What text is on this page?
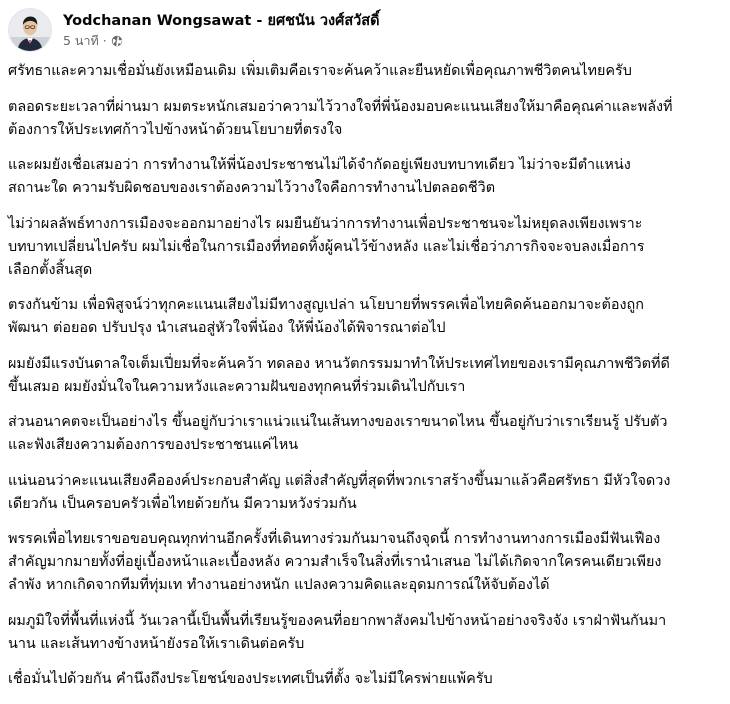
Yodchanan Wongsawat - ยศชนัน วงศ์สวัสดิ์
5 นาที ·

ศรัทธาและความเชื่อมั่นยังเหมือนเดิม เพิ่มเติมคือเราจะค้นคว้าและยืนหยัดเพื่อคุณภาพชีวิตคนไทยครับ

ตลอดระยะเวลาที่ผ่านมา ผมตระหนักเสมอว่าความไว้วางใจที่พี่น้องมอบคะแนนเสียงให้มาคือคุณค่าและพลังที่
ต้องการให้ประเทศก้าวไปข้างหน้าด้วยนโยบายที่ตรงใจ

และผมยังเชื่อเสมอว่า การทำงานให้พี่น้องประชาชนไม่ได้จำกัดอยู่เพียงบทบาทเดียว ไม่ว่าจะมีตำแหน่ง
สถานะใด ความรับผิดชอบของเราต้องความไว้วางใจคือการทำงานไปตลอดชีวิต

ไม่ว่าผลลัพธ์ทางการเมืองจะออกมาอย่างไร ผมยืนยันว่าการทำงานเพื่อประชาชนจะไม่หยุดลงเพียงเพราะ
บทบาทเปลี่ยนไปครับ ผมไม่เชื่อในการเมืองที่ทอดทิ้งผู้คนไว้ข้างหลัง และไม่เชื่อว่าภารกิจจะจบลงเมื่อการ
เลือกตั้งสิ้นสุด

ตรงกันข้าม เพื่อพิสูจน์ว่าทุกคะแนนเสียงไม่มีทางสูญเปล่า นโยบายที่พรรคเพื่อไทยคิดค้นออกมาจะต้องถูก
พัฒนา ต่อยอด ปรับปรุง นำเสนอสู่หัวใจพี่น้อง ให้พี่น้องได้พิจารณาต่อไป

ผมยังมีแรงบันดาลใจเต็มเปี่ยมที่จะค้นคว้า ทดลอง หานวัตกรรมมาทำให้ประเทศไทยของเรามีคุณภาพชีวิตที่ดี
ขึ้นเสมอ ผมยังมั่นใจในความหวังและความฝันของทุกคนที่ร่วมเดินไปกับเรา

ส่วนอนาคตจะเป็นอย่างไร ขึ้นอยู่กับว่าเราแน่วแน่ในเส้นทางของเราขนาดไหน ขึ้นอยู่กับว่าเราเรียนรู้ ปรับตัว
และฟังเสียงความต้องการของประชาชนแค่ไหน

แน่นอนว่าคะแนนเสียงคือองค์ประกอบสำคัญ แต่สิ่งสำคัญที่สุดที่พวกเราสร้างขึ้นมาแล้วคือศรัทธา มีหัวใจดวง
เดียวกัน เป็นครอบครัวเพื่อไทยด้วยกัน มีความหวังร่วมกัน

พรรคเพื่อไทยเราขอขอบคุณทุกท่านอีกครั้งที่เดินทางร่วมกันมาจนถึงจุดนี้ การทำงานทางการเมืองมีฟันเฟือง
สำคัญมากมายทั้งที่อยู่เบื้องหน้าและเบื้องหลัง ความสำเร็จในสิ่งที่เรานำเสนอ ไม่ได้เกิดจากใครคนเดียวเพียง
ลำพัง หากเกิดจากทีมที่ทุ่มเท ทำงานอย่างหนัก แปลงความคิดและอุดมการณ์ให้จับต้องได้

ผมภูมิใจที่พื้นที่แห่งนี้ วันเวลานี้เป็นพื้นที่เรียนรู้ของคนที่อยากพาสังคมไปข้างหน้าอย่างจริงจัง เราฝ่าฟันกันมา
นาน และเส้นทางข้างหน้ายังรอให้เราเดินต่อครับ

เชื่อมั่นไปด้วยกัน คำนึงถึงประโยชน์ของประเทศเป็นที่ตั้ง จะไม่มีใครพ่ายแพ้ครับ
